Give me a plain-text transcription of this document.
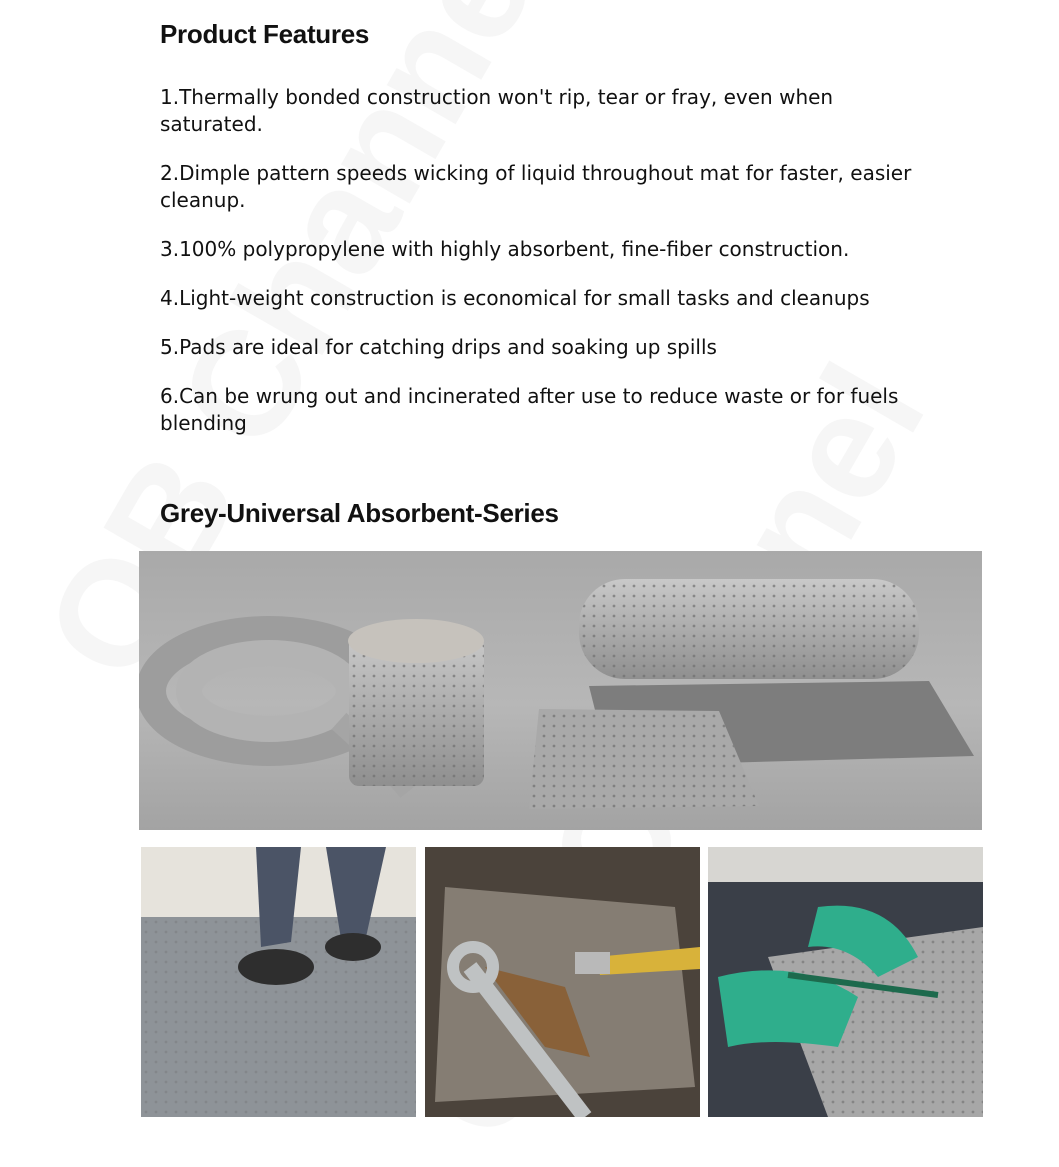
Product Features
1.Thermally bonded construction won't rip, tear or fray, even when saturated.
2.Dimple pattern speeds wicking of liquid throughout mat for faster, easier cleanup.
3.100% polypropylene with highly absorbent, fine-fiber construction.
4.Light-weight construction is economical for small tasks and cleanups
5.Pads are ideal for catching drips and soaking up spills
6.Can be wrung out and incinerated after use to reduce waste or for fuels blending
Grey-Universal Absorbent-Series
